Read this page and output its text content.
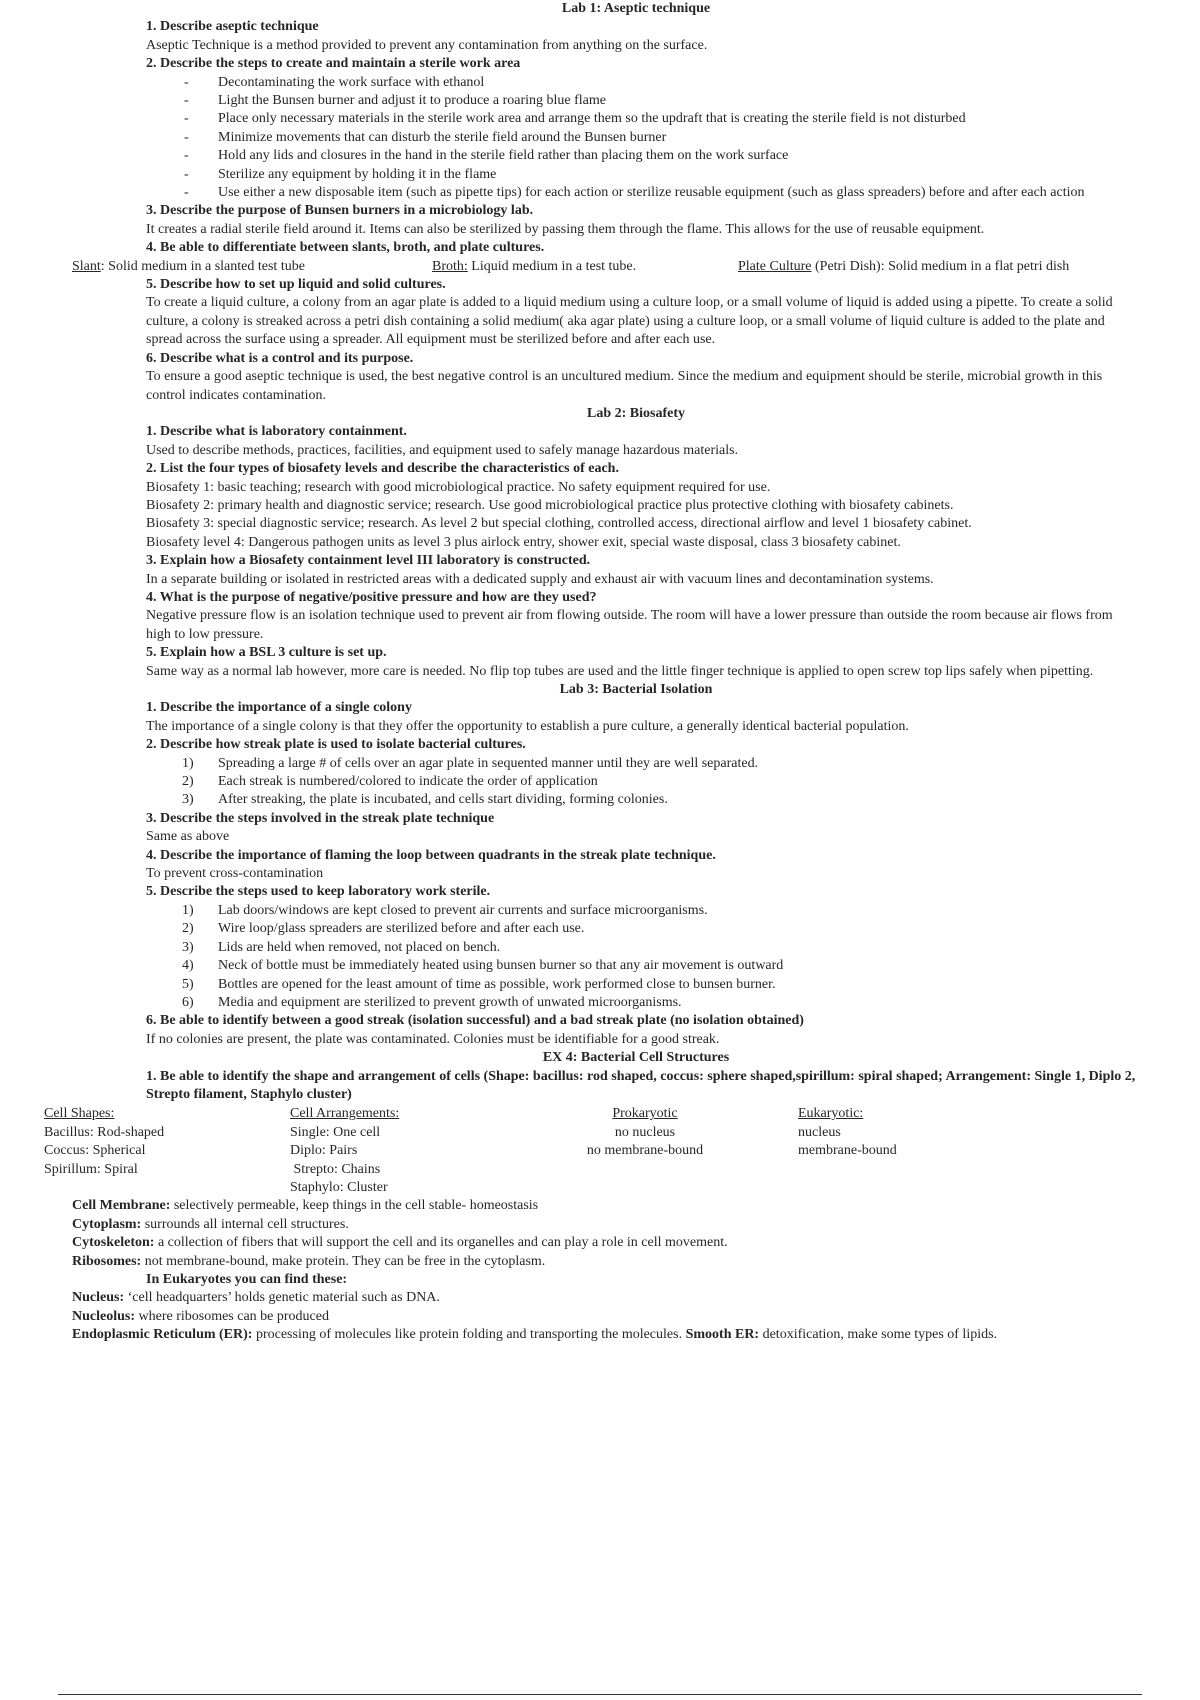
Lab 1: Aseptic technique
1. Describe aseptic technique
Aseptic Technique is a method provided to prevent any contamination from anything on the surface.
2. Describe the steps to create and maintain a sterile work area
- Decontaminating the work surface with ethanol
- Light the Bunsen burner and adjust it to produce a roaring blue flame
- Place only necessary materials in the sterile work area and arrange them so the updraft that is creating the sterile field is not disturbed
- Minimize movements that can disturb the sterile field around the Bunsen burner
- Hold any lids and closures in the hand in the sterile field rather than placing them on the work surface
- Sterilize any equipment by holding it in the flame
- Use either a new disposable item (such as pipette tips) for each action or sterilize reusable equipment (such as glass spreaders) before and after each action
3. Describe the purpose of Bunsen burners in a microbiology lab.
It creates a radial sterile field around it. Items can also be sterilized by passing them through the flame. This allows for the use of reusable equipment.
4. Be able to differentiate between slants, broth, and plate cultures.
Slant: Solid medium in a slanted test tube	Broth: Liquid medium in a test tube.	Plate Culture (Petri Dish): Solid medium in a flat petri dish
5. Describe how to set up liquid and solid cultures.
To create a liquid culture, a colony from an agar plate is added to a liquid medium using a culture loop, or a small volume of liquid is added using a pipette. To create a solid culture, a colony is streaked across a petri dish containing a solid medium( aka agar plate) using a culture loop, or a small volume of liquid culture is added to the plate and spread across the surface using a spreader. All equipment must be sterilized before and after each use.
6. Describe what is a control and its purpose.
To ensure a good aseptic technique is used, the best negative control is an uncultured medium. Since the medium and equipment should be sterile, microbial growth in this control indicates contamination.
Lab 2: Biosafety
1. Describe what is laboratory containment.
Used to describe methods, practices, facilities, and equipment used to safely manage hazardous materials.
2. List the four types of biosafety levels and describe the characteristics of each.
Biosafety 1: basic teaching; research with good microbiological practice. No safety equipment required for use.
Biosafety 2: primary health and diagnostic service; research. Use good microbiological practice plus protective clothing with biosafety cabinets.
Biosafety 3: special diagnostic service; research. As level 2 but special clothing, controlled access, directional airflow and level 1 biosafety cabinet.
Biosafety level 4: Dangerous pathogen units as level 3 plus airlock entry, shower exit, special waste disposal, class 3 biosafety cabinet.
3. Explain how a Biosafety containment level III laboratory is constructed.
In a separate building or isolated in restricted areas with a dedicated supply and exhaust air with vacuum lines and decontamination systems.
4. What is the purpose of negative/positive pressure and how are they used?
Negative pressure flow is an isolation technique used to prevent air from flowing outside. The room will have a lower pressure than outside the room because air flows from high to low pressure.
5. Explain how a BSL 3 culture is set up.
Same way as a normal lab however, more care is needed. No flip top tubes are used and the little finger technique is applied to open screw top lips safely when pipetting.
Lab 3: Bacterial Isolation
1. Describe the importance of a single colony
The importance of a single colony is that they offer the opportunity to establish a pure culture, a generally identical bacterial population.
2. Describe how streak plate is used to isolate bacterial cultures.
1) Spreading a large # of cells over an agar plate in sequented manner until they are well separated.
2) Each streak is numbered/colored to indicate the order of application
3) After streaking, the plate is incubated, and cells start dividing, forming colonies.
3. Describe the steps involved in the streak plate technique
Same as above
4. Describe the importance of flaming the loop between quadrants in the streak plate technique.
To prevent cross-contamination
5. Describe the steps used to keep laboratory work sterile.
1) Lab doors/windows are kept closed to prevent air currents and surface microorganisms.
2) Wire loop/glass spreaders are sterilized before and after each use.
3) Lids are held when removed, not placed on bench.
4) Neck of bottle must be immediately heated using bunsen burner so that any air movement is outward
5) Bottles are opened for the least amount of time as possible, work performed close to bunsen burner.
6) Media and equipment are sterilized to prevent growth of unwated microorganisms.
6. Be able to identify between a good streak (isolation successful) and a bad streak plate (no isolation obtained)
If no colonies are present, the plate was contaminated. Colonies must be identifiable for a good streak.
EX 4: Bacterial Cell Structures
1. Be able to identify the shape and arrangement of cells (Shape: bacillus: rod shaped, coccus: sphere shaped,spirillum: spiral shaped; Arrangement: Single 1, Diplo 2, Strepto filament, Staphylo cluster)
Cell Shapes:
Bacillus: Rod-shaped
Coccus: Spherical
Spirillum: Spiral
Cell Arrangements:
Single: One cell
Diplo: Pairs
Strepto: Chains
Staphylo: Cluster
Prokaryotic
no nucleus
no membrane-bound
Eukaryotic:
nucleus
membrane-bound
Cell Membrane: selectively permeable, keep things in the cell stable- homeostasis
Cytoplasm: surrounds all internal cell structures.
Cytoskeleton: a collection of fibers that will support the cell and its organelles and can play a role in cell movement.
Ribosomes: not membrane-bound, make protein. They can be free in the cytoplasm.
In Eukaryotes you can find these:
Nucleus: ‘cell headquarters’ holds genetic material such as DNA.
Nucleolus: where ribosomes can be produced
Endoplasmic Reticulum (ER): processing of molecules like protein folding and transporting the molecules. Smooth ER: detoxification, make some types of lipids.
